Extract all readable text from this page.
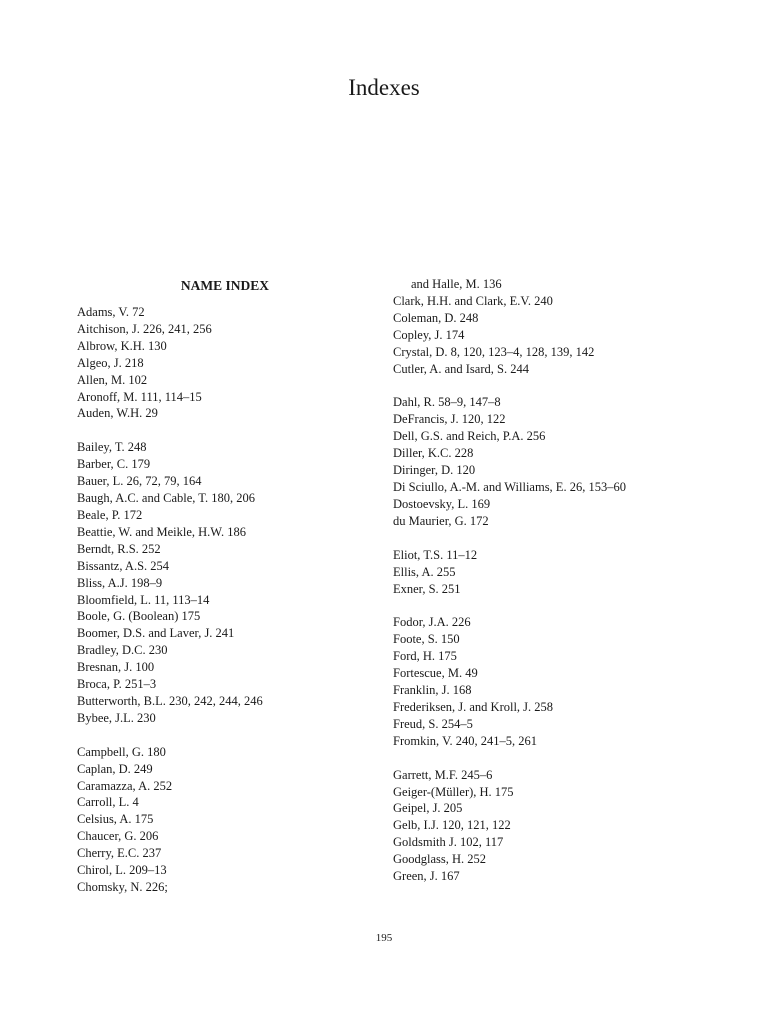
Indexes
NAME INDEX
Adams, V. 72
Aitchison, J. 226, 241, 256
Albrow, K.H. 130
Algeo, J. 218
Allen, M. 102
Aronoff, M. 111, 114–15
Auden, W.H. 29
Bailey, T. 248
Barber, C. 179
Bauer, L. 26, 72, 79, 164
Baugh, A.C. and Cable, T. 180, 206
Beale, P. 172
Beattie, W. and Meikle, H.W. 186
Berndt, R.S. 252
Bissantz, A.S. 254
Bliss, A.J. 198–9
Bloomfield, L. 11, 113–14
Boole, G. (Boolean) 175
Boomer, D.S. and Laver, J. 241
Bradley, D.C. 230
Bresnan, J. 100
Broca, P. 251–3
Butterworth, B.L. 230, 242, 244, 246
Bybee, J.L. 230
Campbell, G. 180
Caplan, D. 249
Caramazza, A. 252
Carroll, L. 4
Celsius, A. 175
Chaucer, G. 206
Cherry, E.C. 237
Chirol, L. 209–13
Chomsky, N. 226;
and Halle, M. 136
Clark, H.H. and Clark, E.V. 240
Coleman, D. 248
Copley, J. 174
Crystal, D. 8, 120, 123–4, 128, 139, 142
Cutler, A. and Isard, S. 244
Dahl, R. 58–9, 147–8
DeFrancis, J. 120, 122
Dell, G.S. and Reich, P.A. 256
Diller, K.C. 228
Diringer, D. 120
Di Sciullo, A.-M. and Williams, E. 26, 153–60
Dostoevsky, L. 169
du Maurier, G. 172
Eliot, T.S. 11–12
Ellis, A. 255
Exner, S. 251
Fodor, J.A. 226
Foote, S. 150
Ford, H. 175
Fortescue, M. 49
Franklin, J. 168
Frederiksen, J. and Kroll, J. 258
Freud, S. 254–5
Fromkin, V. 240, 241–5, 261
Garrett, M.F. 245–6
Geiger-(Müller), H. 175
Geipel, J. 205
Gelb, I.J. 120, 121, 122
Goldsmith J. 102, 117
Goodglass, H. 252
Green, J. 167
195
